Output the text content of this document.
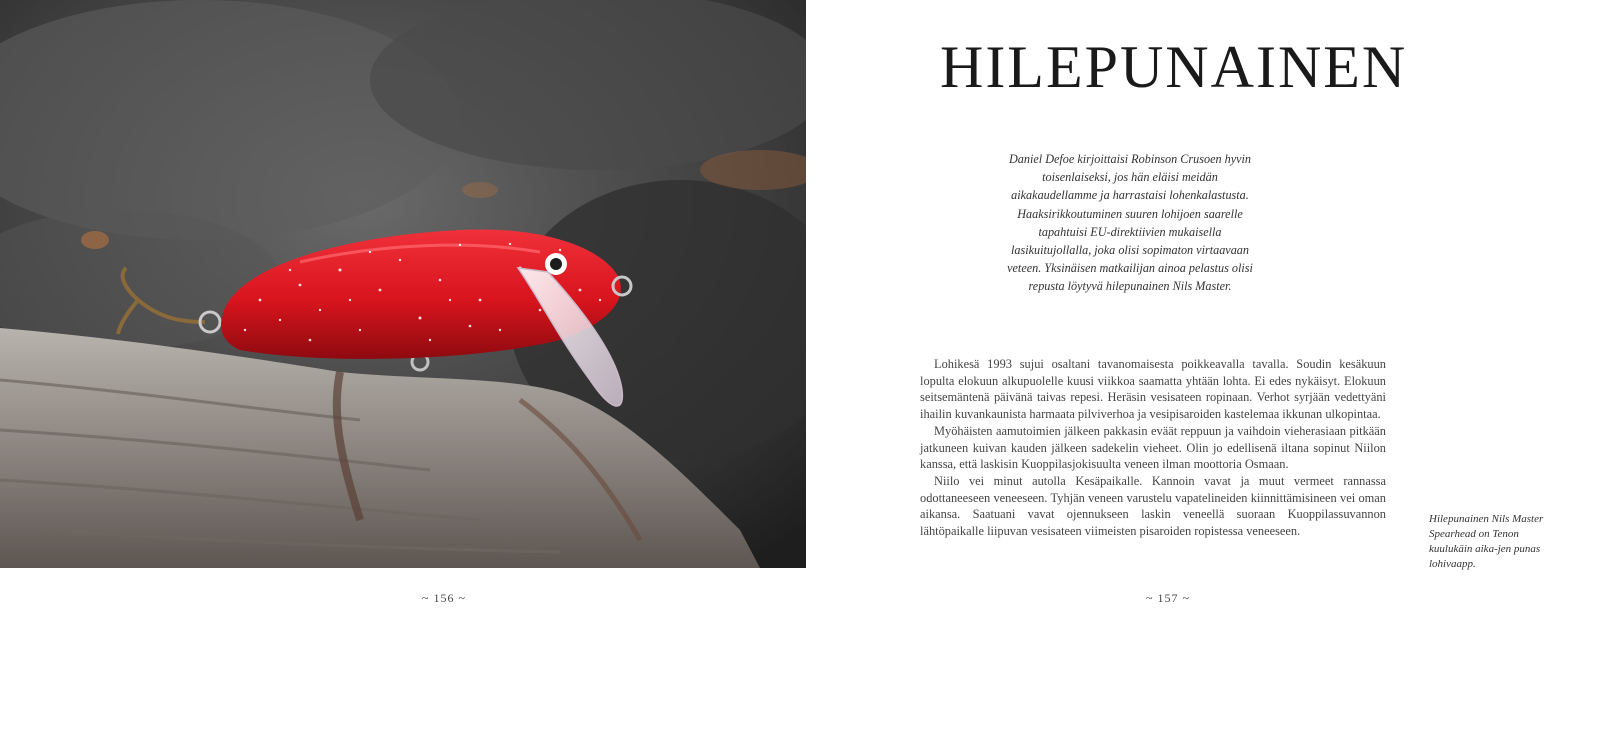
~ 156 ~
HILEPUNAINEN
Daniel Defoe kirjoittaisi Robinson Crusoen hyvin toisenlaiseksi, jos hän eläisi meidän aikakaudellamme ja harrastaisi lohenkalastusta. Haaksirikkoutuminen suuren lohijoen saarelle tapahtuisi EU-direktiivien mukaisella lasikuitujollalla, joka olisi sopimaton virtaavaan veteen. Yksinäisen matkailijan ainoa pelastus olisi repusta löytyvä hilepunainen Nils Master.

Lohikesä 1993 sujui osaltani tavanomaisesta poikkeavalla tavalla. Soudin kesäkuun lopulta elokuun alkupuolelle kuusi viikkoa saamatta yhtään lohta. Ei edes nykäisyt. Elokuun seitsemäntenä päivänä taivas repesi. Heräsin vesisateen ropinaan. Verhot syrjään vedettyäni ihailin kuvankaunista harmaata pilviverhoa ja vesipisaroiden kastelemaa ikkunan ulkopintaa.

Myöhäisten aamutoimien jälkeen pakkasin eväät reppuun ja vaihdoin vieherasiaan pitkään jatkuneen kuivan kauden jälkeen sadekelin vieheet. Olin jo edellisenä iltana sopinut Niilon kanssa, että laskisin Kuoppilasjokisuulta veneen ilman moottoria Osmaan.

Niilo vei minut autolla Kesäpaikalle. Kannoin vavat ja muut vermeet rannassa odottaneeseen veneeseen. Tyhjän veneen varustelu vapatelineiden kiinnittämisineen vei oman aikansa. Saatuani vavat ojennukseen laskin veneellä suoraan Kuoppilassuvannon lähtöpaikalle liipuvan vesisateen viimeisten pisaroiden ropistessa veneeseen.

Hilepunainen Nils Master Spearhead on Tenon kuulukäin aika-jen punas lohivaapp.
~ 157 ~
